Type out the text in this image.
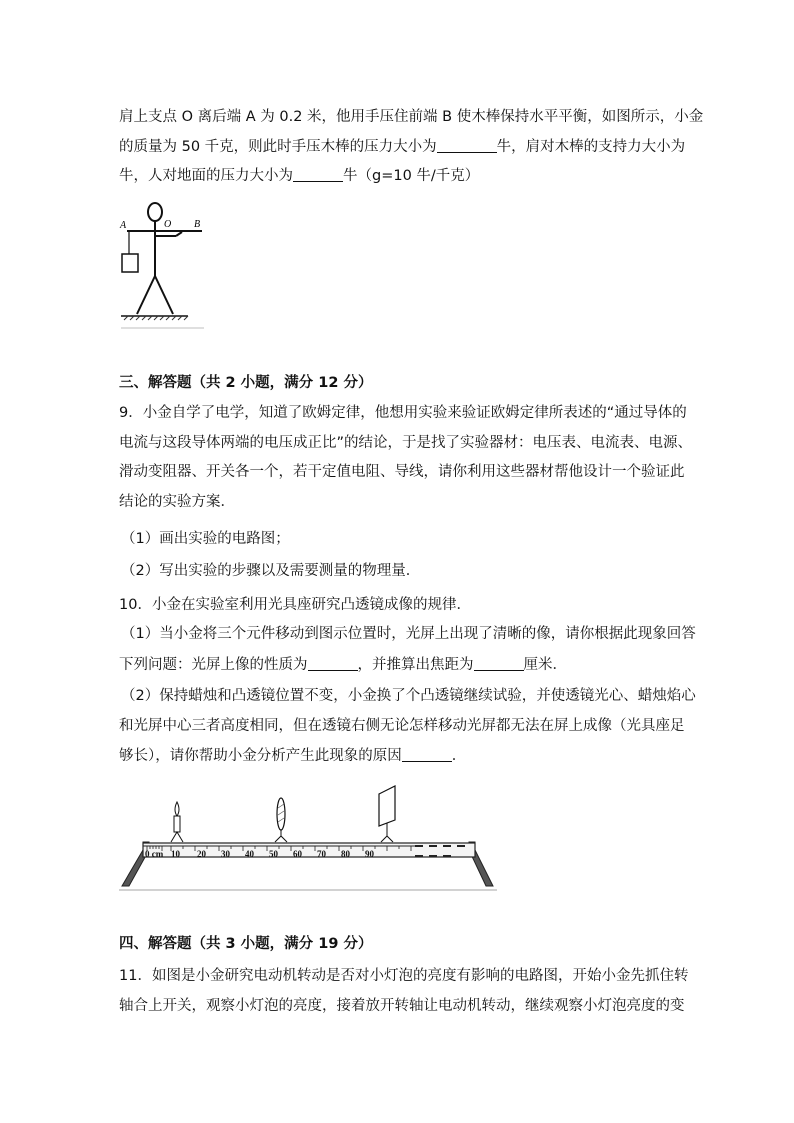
肩上支点 O 离后端 A 为 0.2 米，他用手压住前端 B 使木棒保持水平平衡，如图所示，小金
的质量为 50 千克，则此时手压木棒的压力大小为	牛，肩对木棒的支持力大小为
牛，人对地面的压力大小为	牛（g=10 牛/千克）
A	O B
三、解答题（共 2 小题，满分 12 分）
9．小金自学了电学，知道了欧姆定律，他想用实验来验证欧姆定律所表述的“通过导体的
电流与这段导体两端的电压成正比”的结论，于是找了实验器材：电压表、电流表、电源、
滑动变阻器、开关各一个，若干定值电阻、导线，请你利用这些器材帮他设计一个验证此
结论的实验方案．
（1）画出实验的电路图；
（2）写出实验的步骤以及需要测量的物理量．
10．小金在实验室利用光具座研究凸透镜成像的规律．
（1）当小金将三个元件移动到图示位置时，光屏上出现了清晰的像，请你根据此现象回答
下列问题：光屏上像的性质为	，并推算出焦距为	厘米．
（2）保持蜡烛和凸透镜位置不变，小金换了个凸透镜继续试验，并使透镜光心、蜡烛焰心
和光屏中心三者高度相同，但在透镜右侧无论怎样移动光屏都无法在屏上成像（光具座足
够长），请你帮助小金分析产生此现象的原因	．
0 cm 10 20 30 40 50 60 70 80 90
四、解答题（共 3 小题，满分 19 分）
11．如图是小金研究电动机转动是否对小灯泡的亮度有影响的电路图，开始小金先抓住转
轴合上开关，观察小灯泡的亮度，接着放开转轴让电动机转动，继续观察小灯泡亮度的变
